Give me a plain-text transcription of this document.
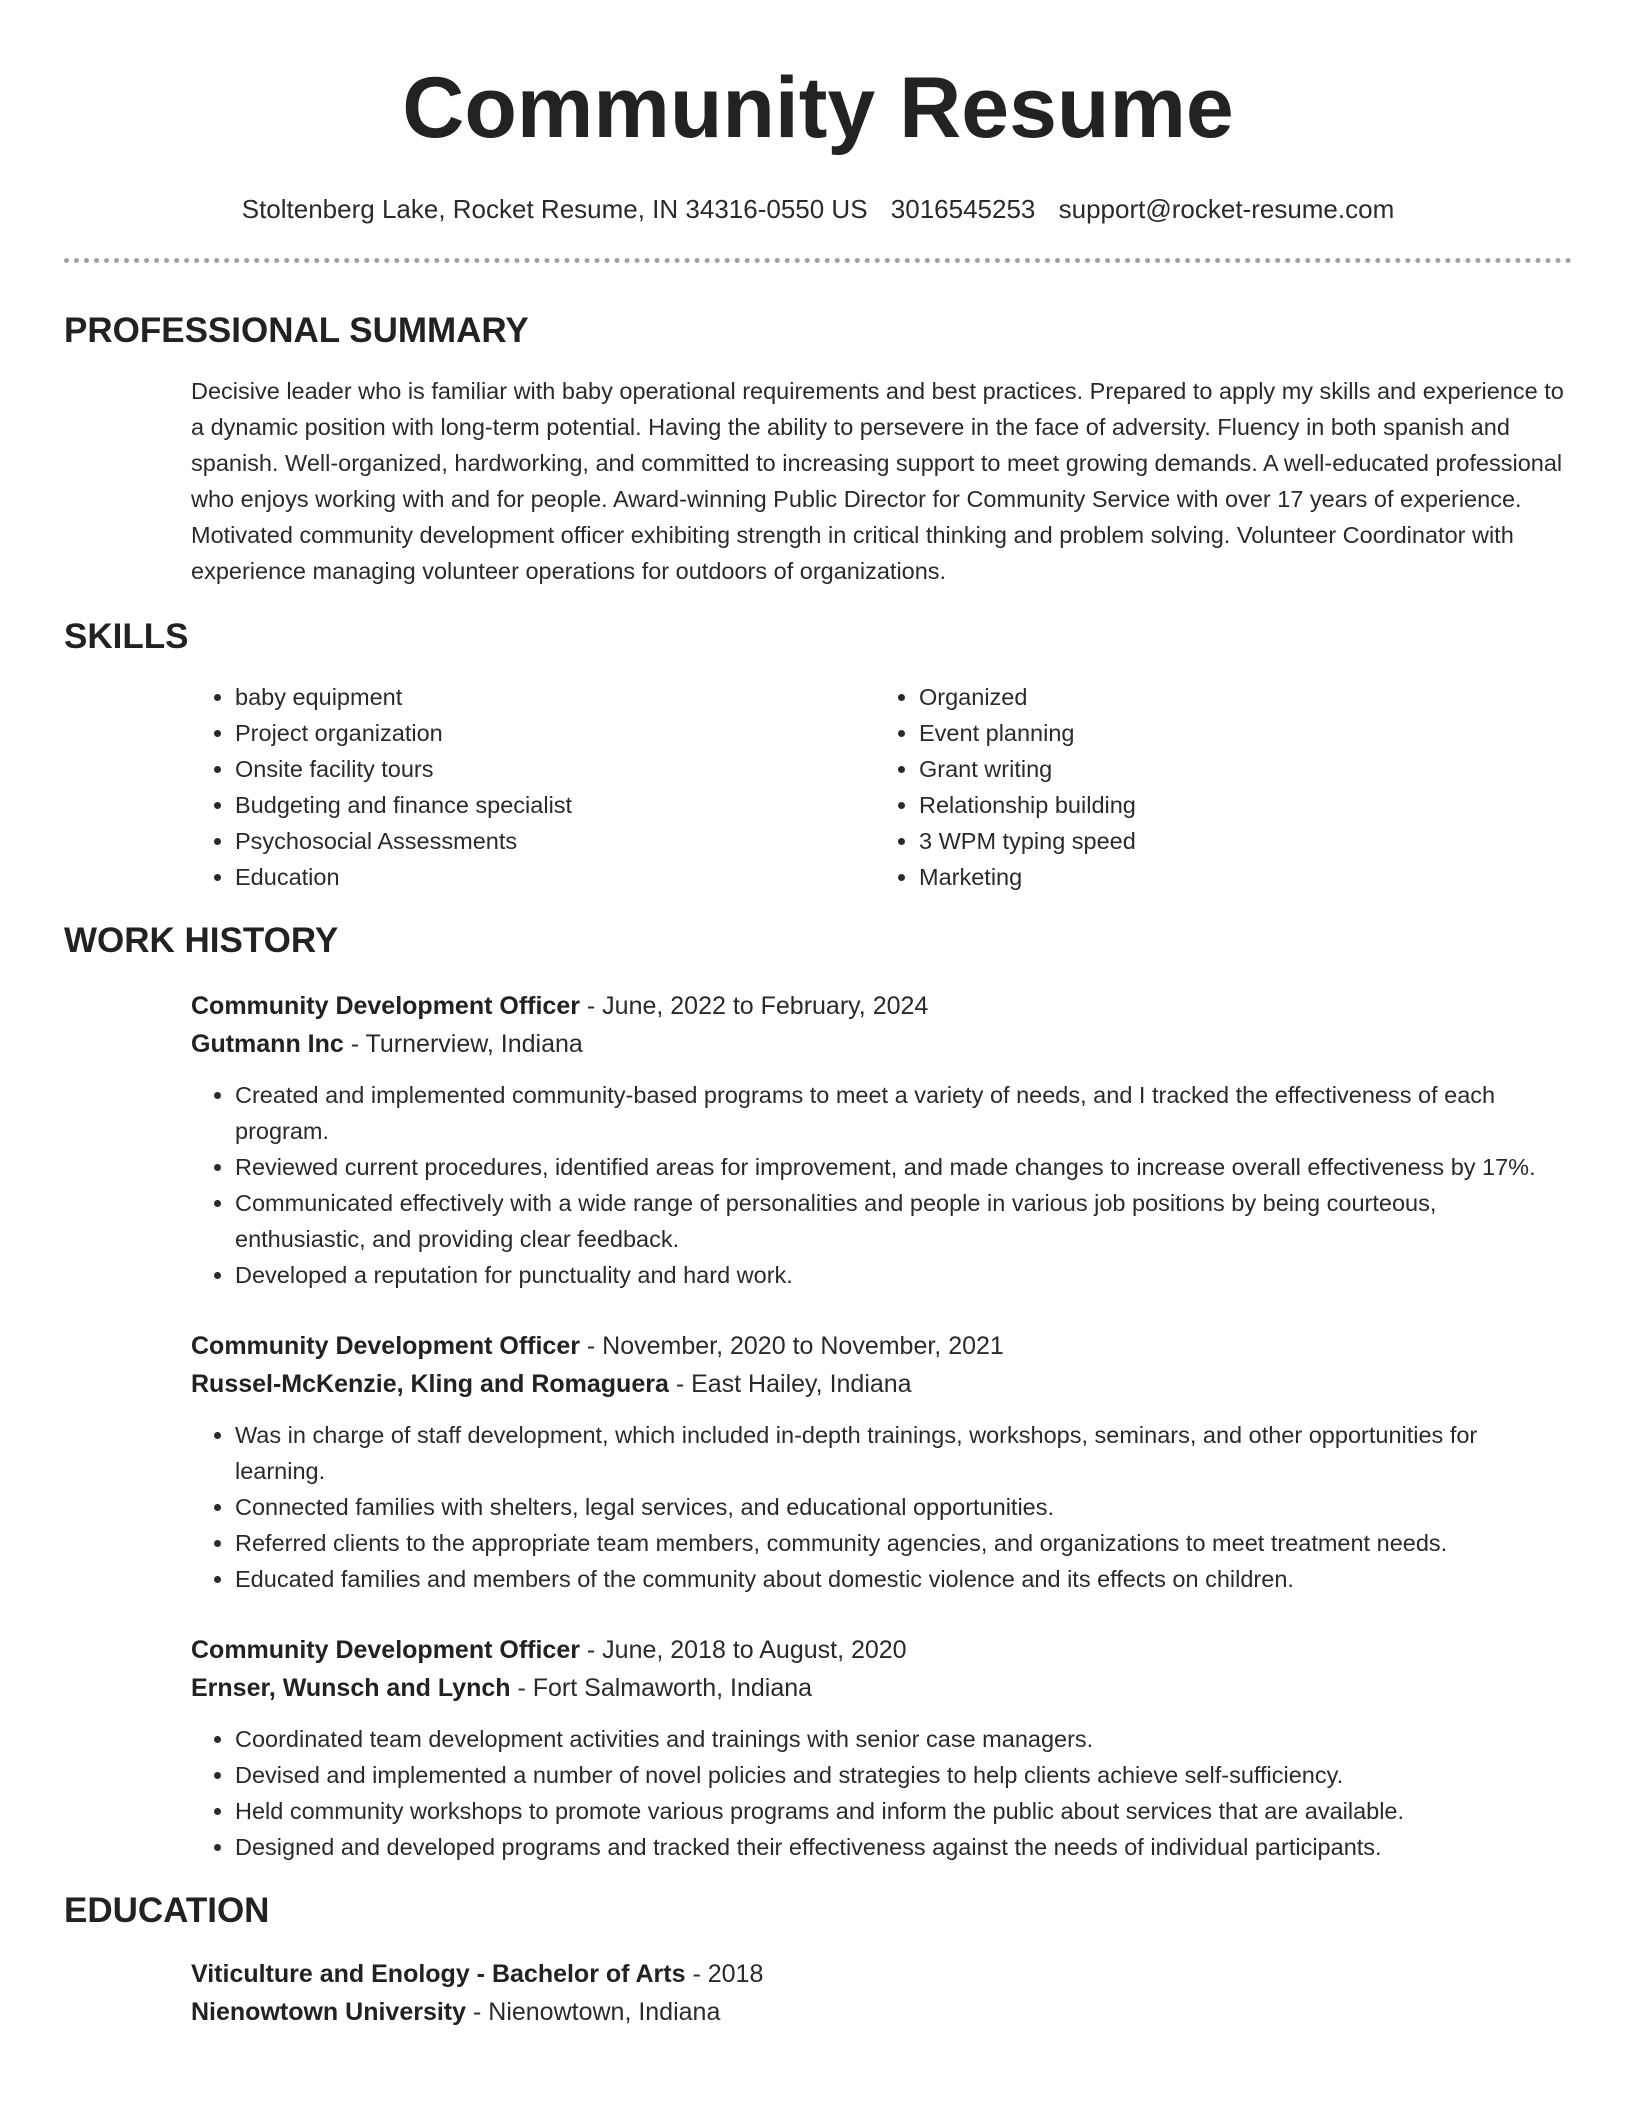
Community Resume
Stoltenberg Lake, Rocket Resume, IN 34316-0550 US 3016545253 support@rocket-resume.com
PROFESSIONAL SUMMARY
Decisive leader who is familiar with baby operational requirements and best practices. Prepared to apply my skills and experience to a dynamic position with long-term potential. Having the ability to persevere in the face of adversity. Fluency in both spanish and spanish. Well-organized, hardworking, and committed to increasing support to meet growing demands. A well-educated professional who enjoys working with and for people. Award-winning Public Director for Community Service with over 17 years of experience. Motivated community development officer exhibiting strength in critical thinking and problem solving. Volunteer Coordinator with experience managing volunteer operations for outdoors of organizations.
SKILLS
• baby equipment
• Project organization
• Onsite facility tours
• Budgeting and finance specialist
• Psychosocial Assessments
• Education
• Organized
• Event planning
• Grant writing
• Relationship building
• 3 WPM typing speed
• Marketing
WORK HISTORY
Community Development Officer - June, 2022 to February, 2024
Gutmann Inc - Turnerview, Indiana
• Created and implemented community-based programs to meet a variety of needs, and I tracked the effectiveness of each program.
• Reviewed current procedures, identified areas for improvement, and made changes to increase overall effectiveness by 17%.
• Communicated effectively with a wide range of personalities and people in various job positions by being courteous, enthusiastic, and providing clear feedback.
• Developed a reputation for punctuality and hard work.
Community Development Officer - November, 2020 to November, 2021
Russel-McKenzie, Kling and Romaguera - East Hailey, Indiana
• Was in charge of staff development, which included in-depth trainings, workshops, seminars, and other opportunities for learning.
• Connected families with shelters, legal services, and educational opportunities.
• Referred clients to the appropriate team members, community agencies, and organizations to meet treatment needs.
• Educated families and members of the community about domestic violence and its effects on children.
Community Development Officer - June, 2018 to August, 2020
Ernser, Wunsch and Lynch - Fort Salmaworth, Indiana
• Coordinated team development activities and trainings with senior case managers.
• Devised and implemented a number of novel policies and strategies to help clients achieve self-sufficiency.
• Held community workshops to promote various programs and inform the public about services that are available.
• Designed and developed programs and tracked their effectiveness against the needs of individual participants.
EDUCATION
Viticulture and Enology - Bachelor of Arts - 2018
Nienowtown University - Nienowtown, Indiana
